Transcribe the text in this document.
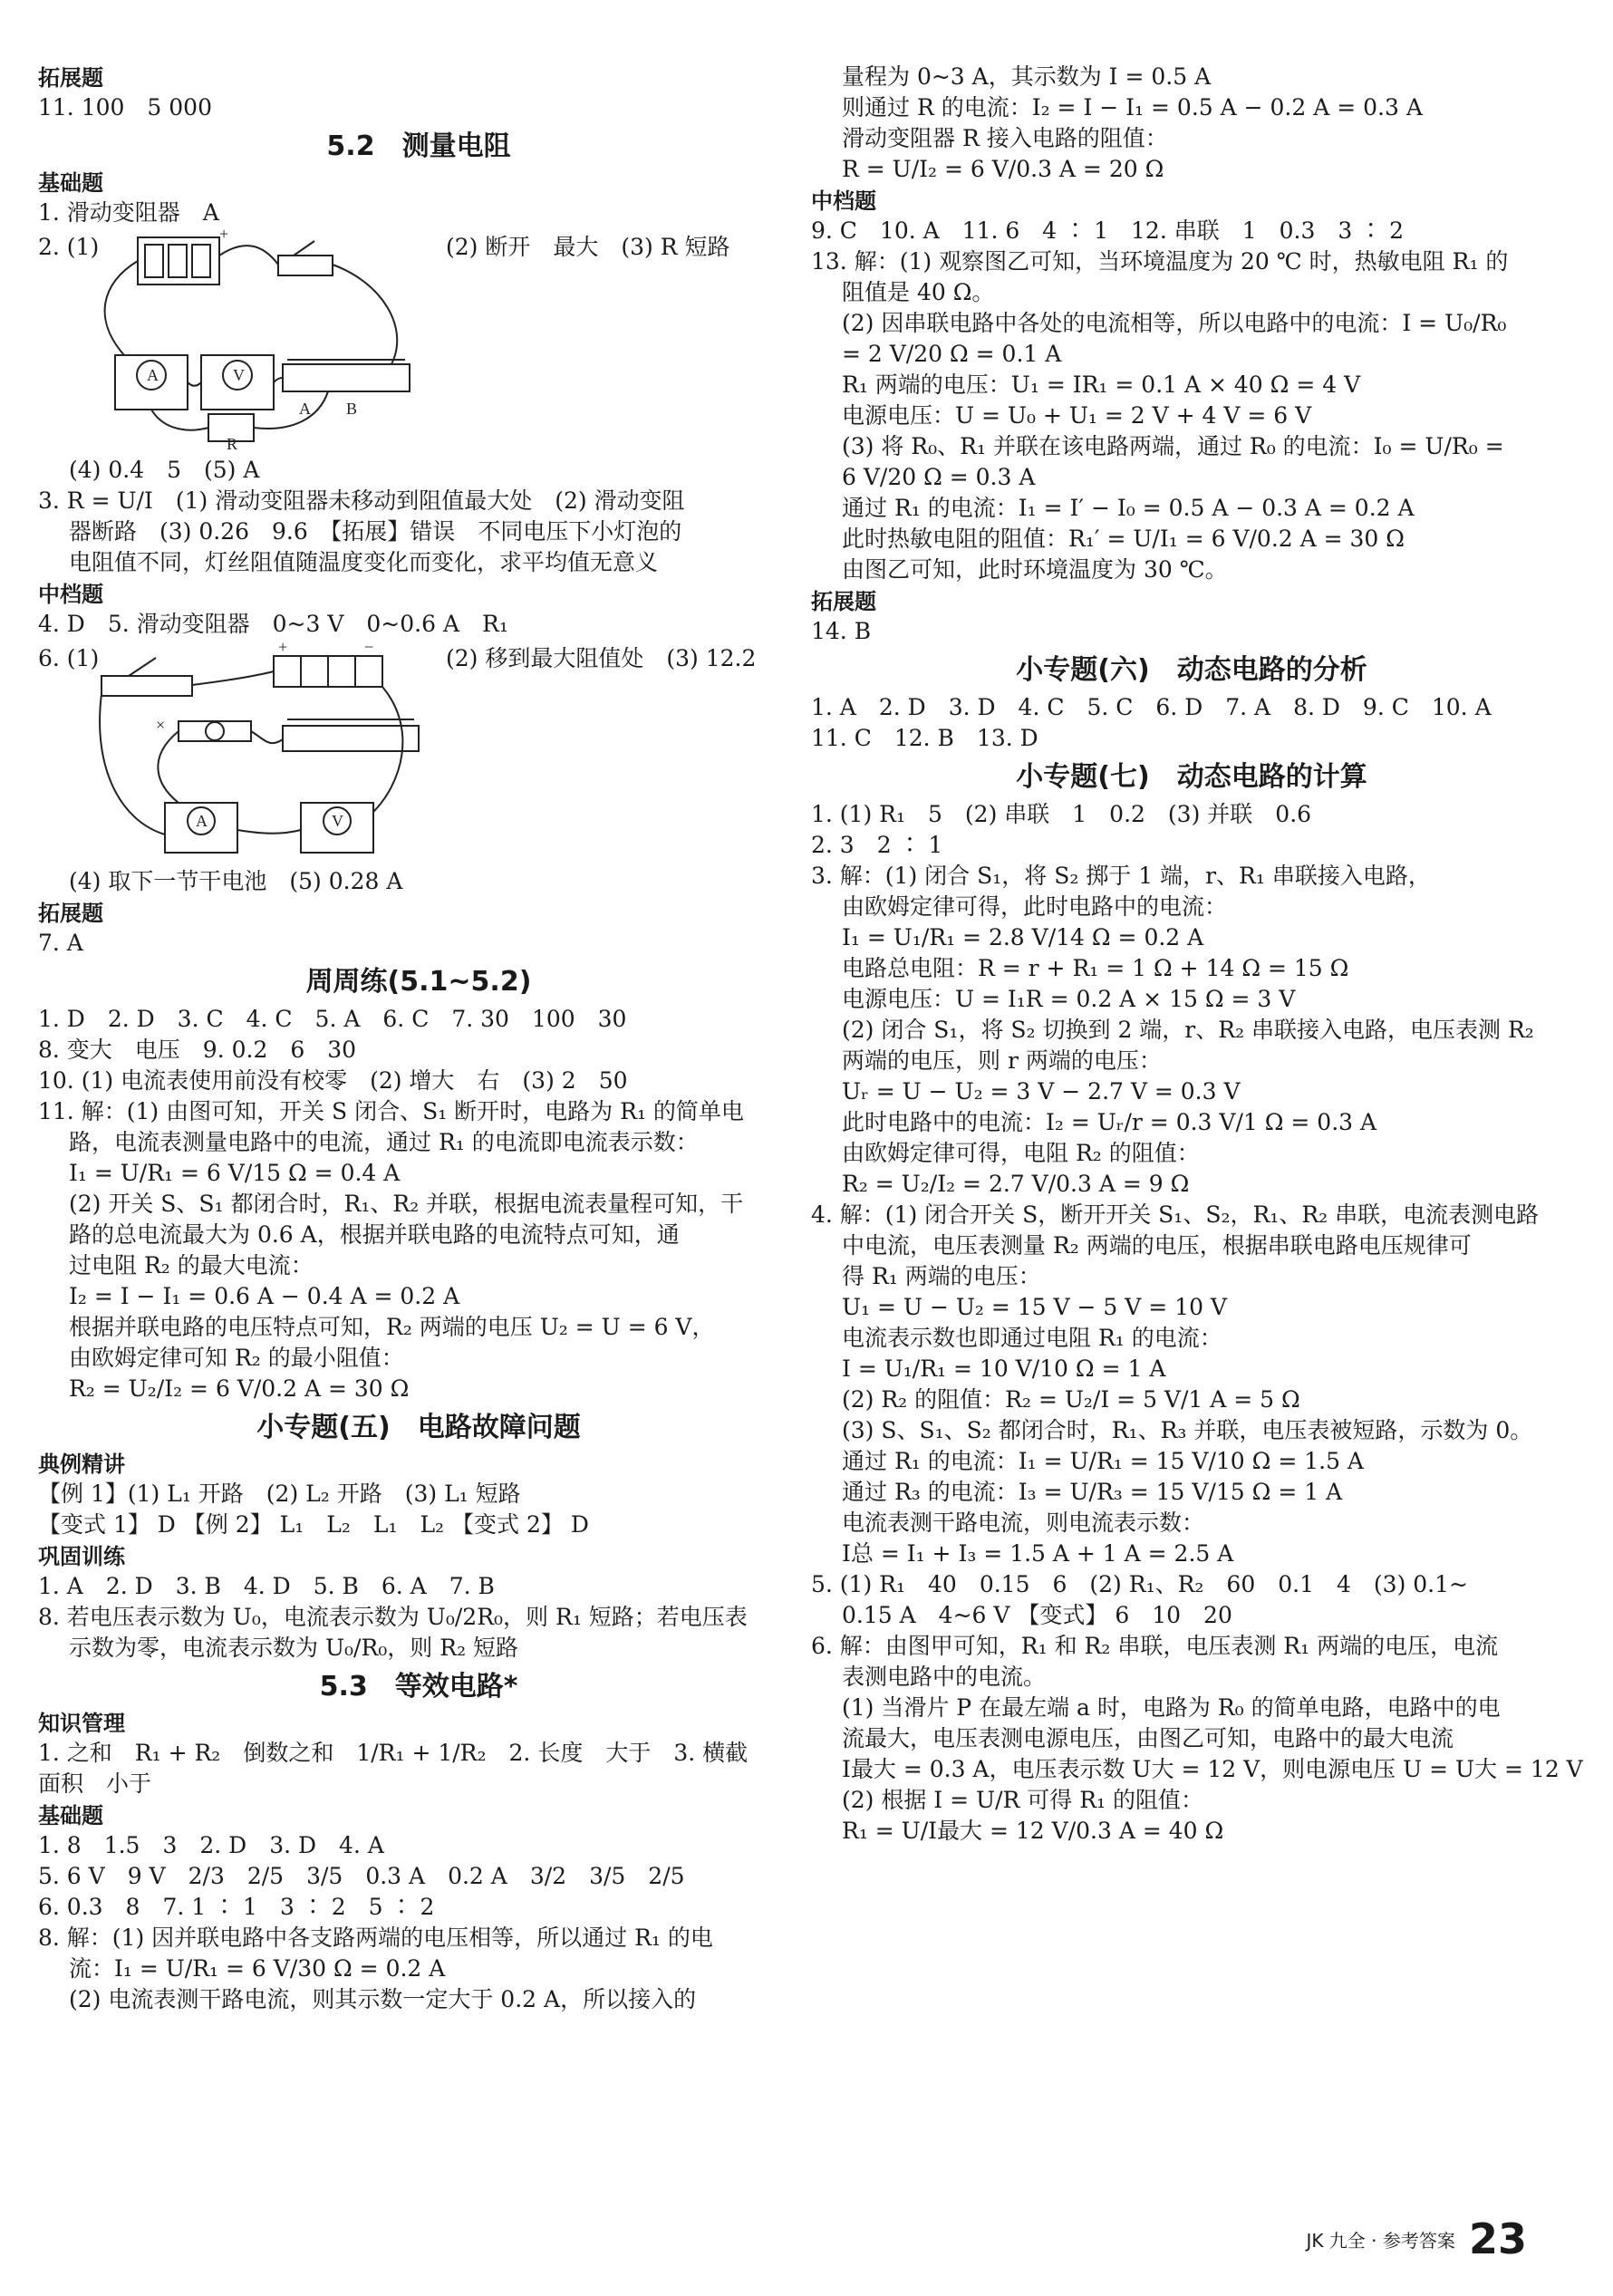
拓展题
11. 100　5 000
5.2　测量电阻
基础题
1. 滑动变阻器　A
2. (1)
A	V
A B
R
+	(2) 断开　最大　(3) R 短路
(4) 0.4　5　(5) A
3. R = U/I　(1) 滑动变阻器未移动到阻值最大处　(2) 滑动变阻
器断路　(3) 0.26　9.6　【拓展】错误　不同电压下小灯泡的
电阻值不同，灯丝阻值随温度变化而变化，求平均值无意义
中档题
4. D　5. 滑动变阻器　0~3 V　0~0.6 A　R₁
6. (1)	+	−
A	V
×
(2) 移到最大阻值处　(3) 12.2
(4) 取下一节干电池　(5) 0.28 A
拓展题
7. A
周周练(5.1~5.2)
1. D　2. D　3. C　4. C　5. A　6. C　7. 30　100　30
8. 变大　电压　9. 0.2　6　30
10. (1) 电流表使用前没有校零　(2) 增大　右　(3) 2　50
11. 解：(1) 由图可知，开关 S 闭合、S₁ 断开时，电路为 R₁ 的简单电
路，电流表测量电路中的电流，通过 R₁ 的电流即电流表示数：
I₁ = U/R₁ = 6 V/15 Ω = 0.4 A
(2) 开关 S、S₁ 都闭合时，R₁、R₂ 并联，根据电流表量程可知，干
路的总电流最大为 0.6 A，根据并联电路的电流特点可知，通
过电阻 R₂ 的最大电流：
I₂ = I − I₁ = 0.6 A − 0.4 A = 0.2 A
根据并联电路的电压特点可知，R₂ 两端的电压 U₂ = U = 6 V，
由欧姆定律可知 R₂ 的最小阻值：
R₂ = U₂/I₂ = 6 V/0.2 A = 30 Ω
小专题(五)　电路故障问题
典例精讲
【例 1】(1) L₁ 开路　(2) L₂ 开路　(3) L₁ 短路
【变式 1】 D 【例 2】 L₁　L₂　L₁　L₂ 【变式 2】 D
巩固训练
1. A　2. D　3. B　4. D　5. B　6. A　7. B
8. 若电压表示数为 U₀，电流表示数为 U₀/2R₀，则 R₁ 短路；若电压表
示数为零，电流表示数为 U₀/R₀，则 R₂ 短路
5.3　等效电路*
知识管理
1. 之和　R₁ + R₂　倒数之和　1/R₁ + 1/R₂　2. 长度　大于　3. 横截
面积　小于
基础题
1. 8　1.5　3　2. D　3. D　4. A
5. 6 V　9 V　2/3　2/5　3/5　0.3 A　0.2 A　3/2　3/5　2/5
6. 0.3　8　7. 1 ∶ 1　3 ∶ 2　5 ∶ 2
8. 解：(1) 因并联电路中各支路两端的电压相等，所以通过 R₁ 的电
流：I₁ = U/R₁ = 6 V/30 Ω = 0.2 A
(2) 电流表测干路电流，则其示数一定大于 0.2 A，所以接入的
量程为 0~3 A，其示数为 I = 0.5 A
则通过 R 的电流：I₂ = I − I₁ = 0.5 A − 0.2 A = 0.3 A
滑动变阻器 R 接入电路的阻值：
R = U/I₂ = 6 V/0.3 A = 20 Ω
中档题
9. C　10. A　11. 6　4 ∶ 1　12. 串联　1　0.3　3 ∶ 2
13. 解：(1) 观察图乙可知，当环境温度为 20 ℃ 时，热敏电阻 R₁ 的
阻值是 40 Ω。
(2) 因串联电路中各处的电流相等，所以电路中的电流：I = U₀/R₀
= 2 V/20 Ω = 0.1 A
R₁ 两端的电压：U₁ = IR₁ = 0.1 A × 40 Ω = 4 V
电源电压：U = U₀ + U₁ = 2 V + 4 V = 6 V
(3) 将 R₀、R₁ 并联在该电路两端，通过 R₀ 的电流：I₀ = U/R₀ =
6 V/20 Ω = 0.3 A
通过 R₁ 的电流：I₁ = I′ − I₀ = 0.5 A − 0.3 A = 0.2 A
此时热敏电阻的阻值：R₁′ = U/I₁ = 6 V/0.2 A = 30 Ω
由图乙可知，此时环境温度为 30 ℃。
拓展题
14. B
小专题(六)　动态电路的分析
1. A　2. D　3. D　4. C　5. C　6. D　7. A　8. D　9. C　10. A
11. C　12. B　13. D
小专题(七)　动态电路的计算
1. (1) R₁　5　(2) 串联　1　0.2　(3) 并联　0.6
2. 3　2 ∶ 1
3. 解：(1) 闭合 S₁，将 S₂ 掷于 1 端，r、R₁ 串联接入电路，
由欧姆定律可得，此时电路中的电流：
I₁ = U₁/R₁ = 2.8 V/14 Ω = 0.2 A
电路总电阻：R = r + R₁ = 1 Ω + 14 Ω = 15 Ω
电源电压：U = I₁R = 0.2 A × 15 Ω = 3 V
(2) 闭合 S₁，将 S₂ 切换到 2 端，r、R₂ 串联接入电路，电压表测 R₂
两端的电压，则 r 两端的电压：
Uᵣ = U − U₂ = 3 V − 2.7 V = 0.3 V
此时电路中的电流：I₂ = Uᵣ/r = 0.3 V/1 Ω = 0.3 A
由欧姆定律可得，电阻 R₂ 的阻值：
R₂ = U₂/I₂ = 2.7 V/0.3 A = 9 Ω
4. 解：(1) 闭合开关 S，断开开关 S₁、S₂，R₁、R₂ 串联，电流表测电路
中电流，电压表测量 R₂ 两端的电压，根据串联电路电压规律可
得 R₁ 两端的电压：
U₁ = U − U₂ = 15 V − 5 V = 10 V
电流表示数也即通过电阻 R₁ 的电流：
I = U₁/R₁ = 10 V/10 Ω = 1 A
(2) R₂ 的阻值：R₂ = U₂/I = 5 V/1 A = 5 Ω
(3) S、S₁、S₂ 都闭合时，R₁、R₃ 并联，电压表被短路，示数为 0。
通过 R₁ 的电流：I₁ = U/R₁ = 15 V/10 Ω = 1.5 A
通过 R₃ 的电流：I₃ = U/R₃ = 15 V/15 Ω = 1 A
电流表测干路电流，则电流表示数：
I总 = I₁ + I₃ = 1.5 A + 1 A = 2.5 A
5. (1) R₁　40　0.15　6　(2) R₁、R₂　60　0.1　4　(3) 0.1~
0.15 A　4~6 V 【变式】 6　10　20
6. 解：由图甲可知，R₁ 和 R₂ 串联，电压表测 R₁ 两端的电压，电流
表测电路中的电流。
(1) 当滑片 P 在最左端 a 时，电路为 R₀ 的简单电路，电路中的电
流最大，电压表测电源电压，由图乙可知，电路中的最大电流
I最大 = 0.3 A，电压表示数 U大 = 12 V，则电源电压 U = U大 = 12 V
(2) 根据 I = U/R 可得 R₁ 的阻值：
R₁ = U/I最大 = 12 V/0.3 A = 40 Ω
JK 九全 · 参考答案 23
